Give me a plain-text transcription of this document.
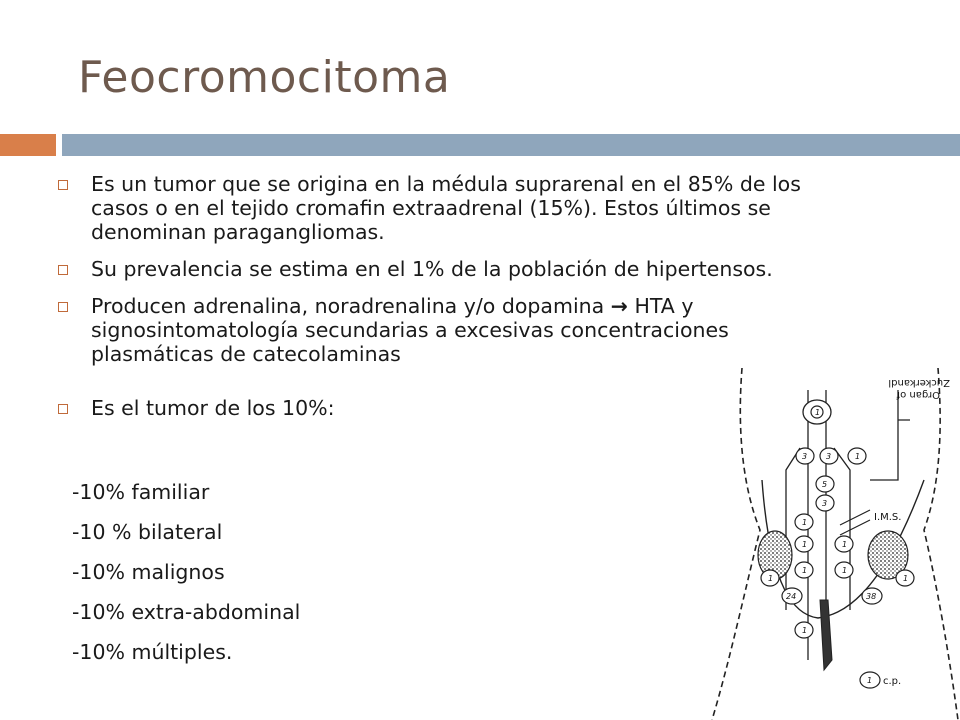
Feocromocitoma
Es un tumor que se origina en la médula suprarenal en el 85% de los casos o en el tejido cromafin extraadrenal (15%). Estos últimos se denominan paragangliomas.
Su prevalencia se estima en el 1% de la población de hipertensos.
Producen adrenalina, noradrenalina y/o dopamina → HTA y signosintomatología secundarias a excesivas concentraciones plasmáticas de catecolaminas
Es el tumor de los 10%:
-10% familiar
-10 % bilateral
-10% malignos
-10% extra-abdominal
-10% múltiples.
Zuckerkandl
Organ of
I.M.S.
c.p.
1
3 3	1
5
3
1
1	1
1	1
1	1
24	38
1
1
